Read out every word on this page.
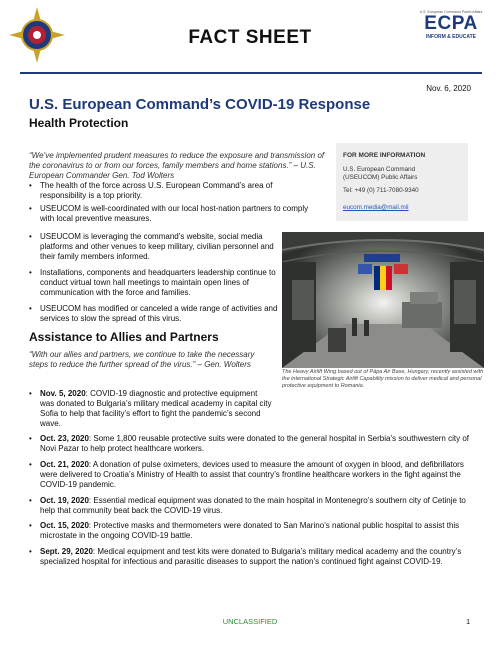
FACT SHEET
U.S. European Command Public Affairs
ECPA
INFORM & EDUCATE
Nov. 6, 2020
U.S. European Command’s COVID-19 Response
Health Protection
“We’ve implemented prudent measures to reduce the exposure and transmission of the coronavirus to or from our forces, family members and home stations.” – U.S. European Commander Gen. Tod Wolters
• The health of the force across U.S. European Command’s area of responsibility is a top priority.
• USEUCOM is well-coordinated with our local host-nation partners to comply with local preventive measures.
• USEUCOM is leveraging the command’s website, social media platforms and other venues to keep military, civilian personnel and their family members informed.
• Installations, components and headquarters leadership continue to conduct virtual town hall meetings to maintain open lines of communication with the force and families.
• USEUCOM has modified or canceled a wide range of activities and services to slow the spread of this virus.
FOR MORE INFORMATION
U.S. European Command
(USEUCOM) Public Affairs
Tel: +49 (0) 711-7080-9340
eucom.media@mail.mil
The Heavy Airlift Wing based out of Pápa Air Base, Hungary, recently assisted with the international Strategic Airlift Capability mission to deliver medical and personal protective equipment to Romania.
Assistance to Allies and Partners
“With our allies and partners, we continue to take the necessary steps to reduce the further spread of the virus.” – Gen. Wolters
• Nov. 5, 2020: COVID-19 diagnostic and protective equipment was donated to Bulgaria’s military medical academy in capital city Sofia to help that facility’s effort to fight the pandemic’s second wave.
• Oct. 23, 2020: Some 1,800 reusable protective suits were donated to the general hospital in Serbia’s southwestern city of Novi Pazar to help protect healthcare workers.
• Oct. 21, 2020: A donation of pulse oximeters, devices used to measure the amount of oxygen in blood, and defibrillators were delivered to Croatia’s Ministry of Health to assist that country’s frontline healthcare workers in the fight against the COVID-19 pandemic.
• Oct. 19, 2020: Essential medical equipment was donated to the main hospital in Montenegro’s southern city of Cetinje to help that community beat back the COVID-19 virus.
• Oct. 15, 2020: Protective masks and thermometers were donated to San Marino’s national public hospital to assist this microstate in the ongoing COVID-19 battle.
• Sept. 29, 2020: Medical equipment and test kits were donated to Bulgaria’s military medical academy and the country’s specialized hospital for infectious and parasitic diseases to support the nation’s continued fight against COVID-19.
UNCLASSIFIED	1
